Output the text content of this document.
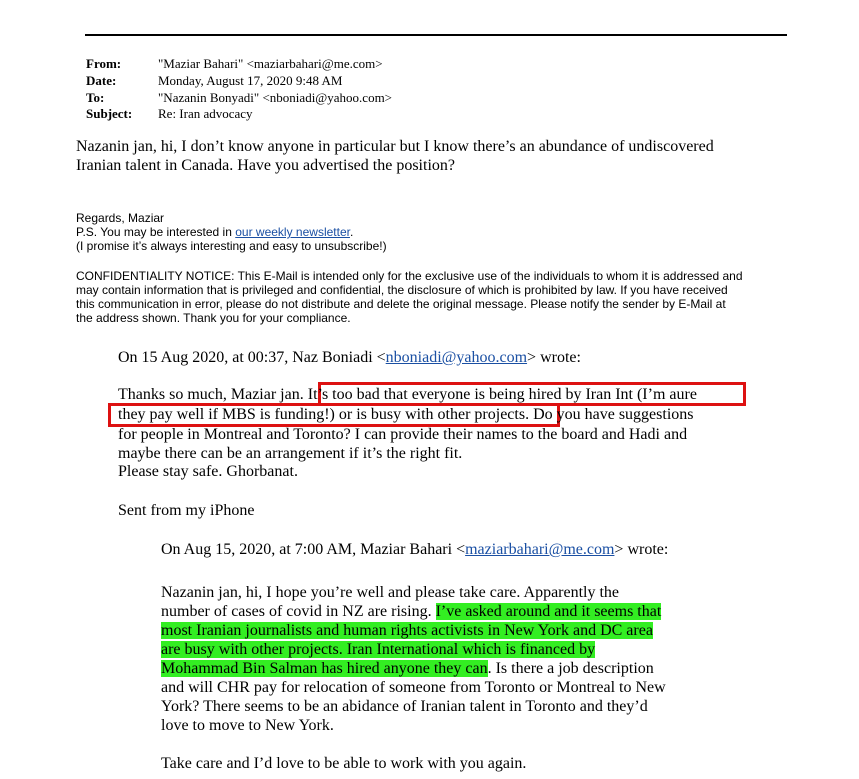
From:	"Maziar Bahari" <maziarbahari@me.com>
Date:	Monday, August 17, 2020 9:48 AM
To:	"Nazanin Bonyadi" <nboniadi@yahoo.com>
Subject: Re: Iran advocacy
Nazanin jan, hi, I don’t know anyone in particular but I know there’s an abundance of undiscovered
Iranian talent in Canada. Have you advertised the position?
Regards, Maziar
P.S. You may be interested in our weekly newsletter.
(I promise it’s always interesting and easy to unsubscribe!)
CONFIDENTIALITY NOTICE: This E-Mail is intended only for the exclusive use of the individuals to whom it is addressed and
may contain information that is privileged and confidential, the disclosure of which is prohibited by law. If you have received
this communication in error, please do not distribute and delete the original message. Please notify the sender by E-Mail at
the address shown. Thank you for your compliance.
On 15 Aug 2020, at 00:37, Naz Boniadi <nboniadi@yahoo.com> wrote:
Thanks so much, Maziar jan. It’s too bad that everyone is being hired by Iran Int (I’m aure
they pay well if MBS is funding!) or is busy with other projects. Do you have suggestions
for people in Montreal and Toronto? I can provide their names to the board and Hadi and
maybe there can be an arrangement if it’s the right fit.
Please stay safe. Ghorbanat.
Sent from my iPhone
On Aug 15, 2020, at 7:00 AM, Maziar Bahari <maziarbahari@me.com> wrote:
Nazanin jan, hi, I hope you’re well and please take care. Apparently the
number of cases of covid in NZ are rising. I’ve asked around and it seems that
most Iranian journalists and human rights activists in New York and DC area
are busy with other projects. Iran International which is financed by
Mohammad Bin Salman has hired anyone they can. Is there a job description
and will CHR pay for relocation of someone from Toronto or Montreal to New
York? There seems to be an abidance of Iranian talent in Toronto and they’d
love to move to New York.
Take care and I’d love to be able to work with you again.
